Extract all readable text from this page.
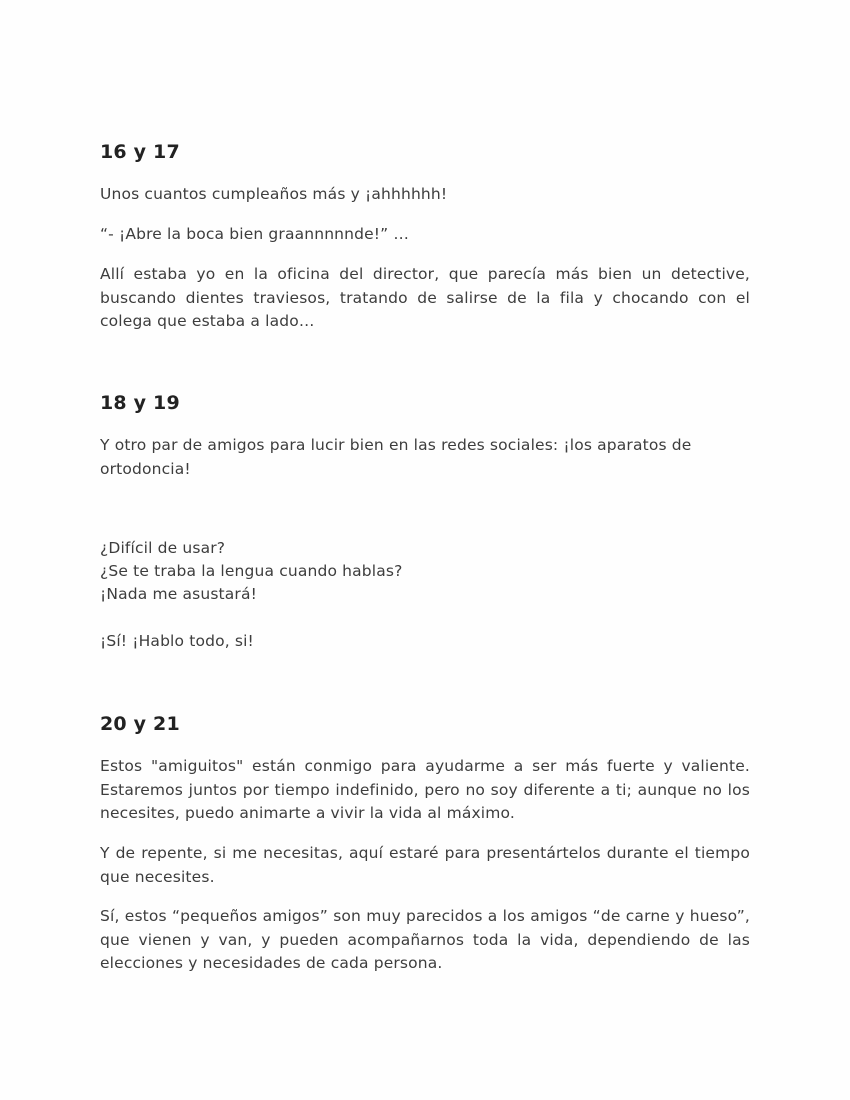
16 y 17

Unos cuantos cumpleaños más y ¡ahhhhhh!

“- ¡Abre la boca bien graannnnnde!” …

Allí estaba yo en la oficina del director, que parecía más bien un detective, buscando dientes traviesos, tratando de salirse de la fila y chocando con el colega que estaba a lado…

18 y 19

Y otro par de amigos para lucir bien en las redes sociales: ¡los aparatos de ortodoncia!

¿Difícil de usar?

¿Se te traba la lengua cuando hablas?

¡Nada me asustará!

¡Sí! ¡Hablo todo, si!

20 y 21

Estos "amiguitos" están conmigo para ayudarme a ser más fuerte y valiente. Estaremos juntos por tiempo indefinido, pero no soy diferente a ti; aunque no los necesites, puedo animarte a vivir la vida al máximo.

Y de repente, si me necesitas, aquí estaré para presentártelos durante el tiempo que necesites.

Sí, estos “pequeños amigos” son muy parecidos a los amigos “de carne y hueso”, que vienen y van, y pueden acompañarnos toda la vida, dependiendo de las elecciones y necesidades de cada persona.
